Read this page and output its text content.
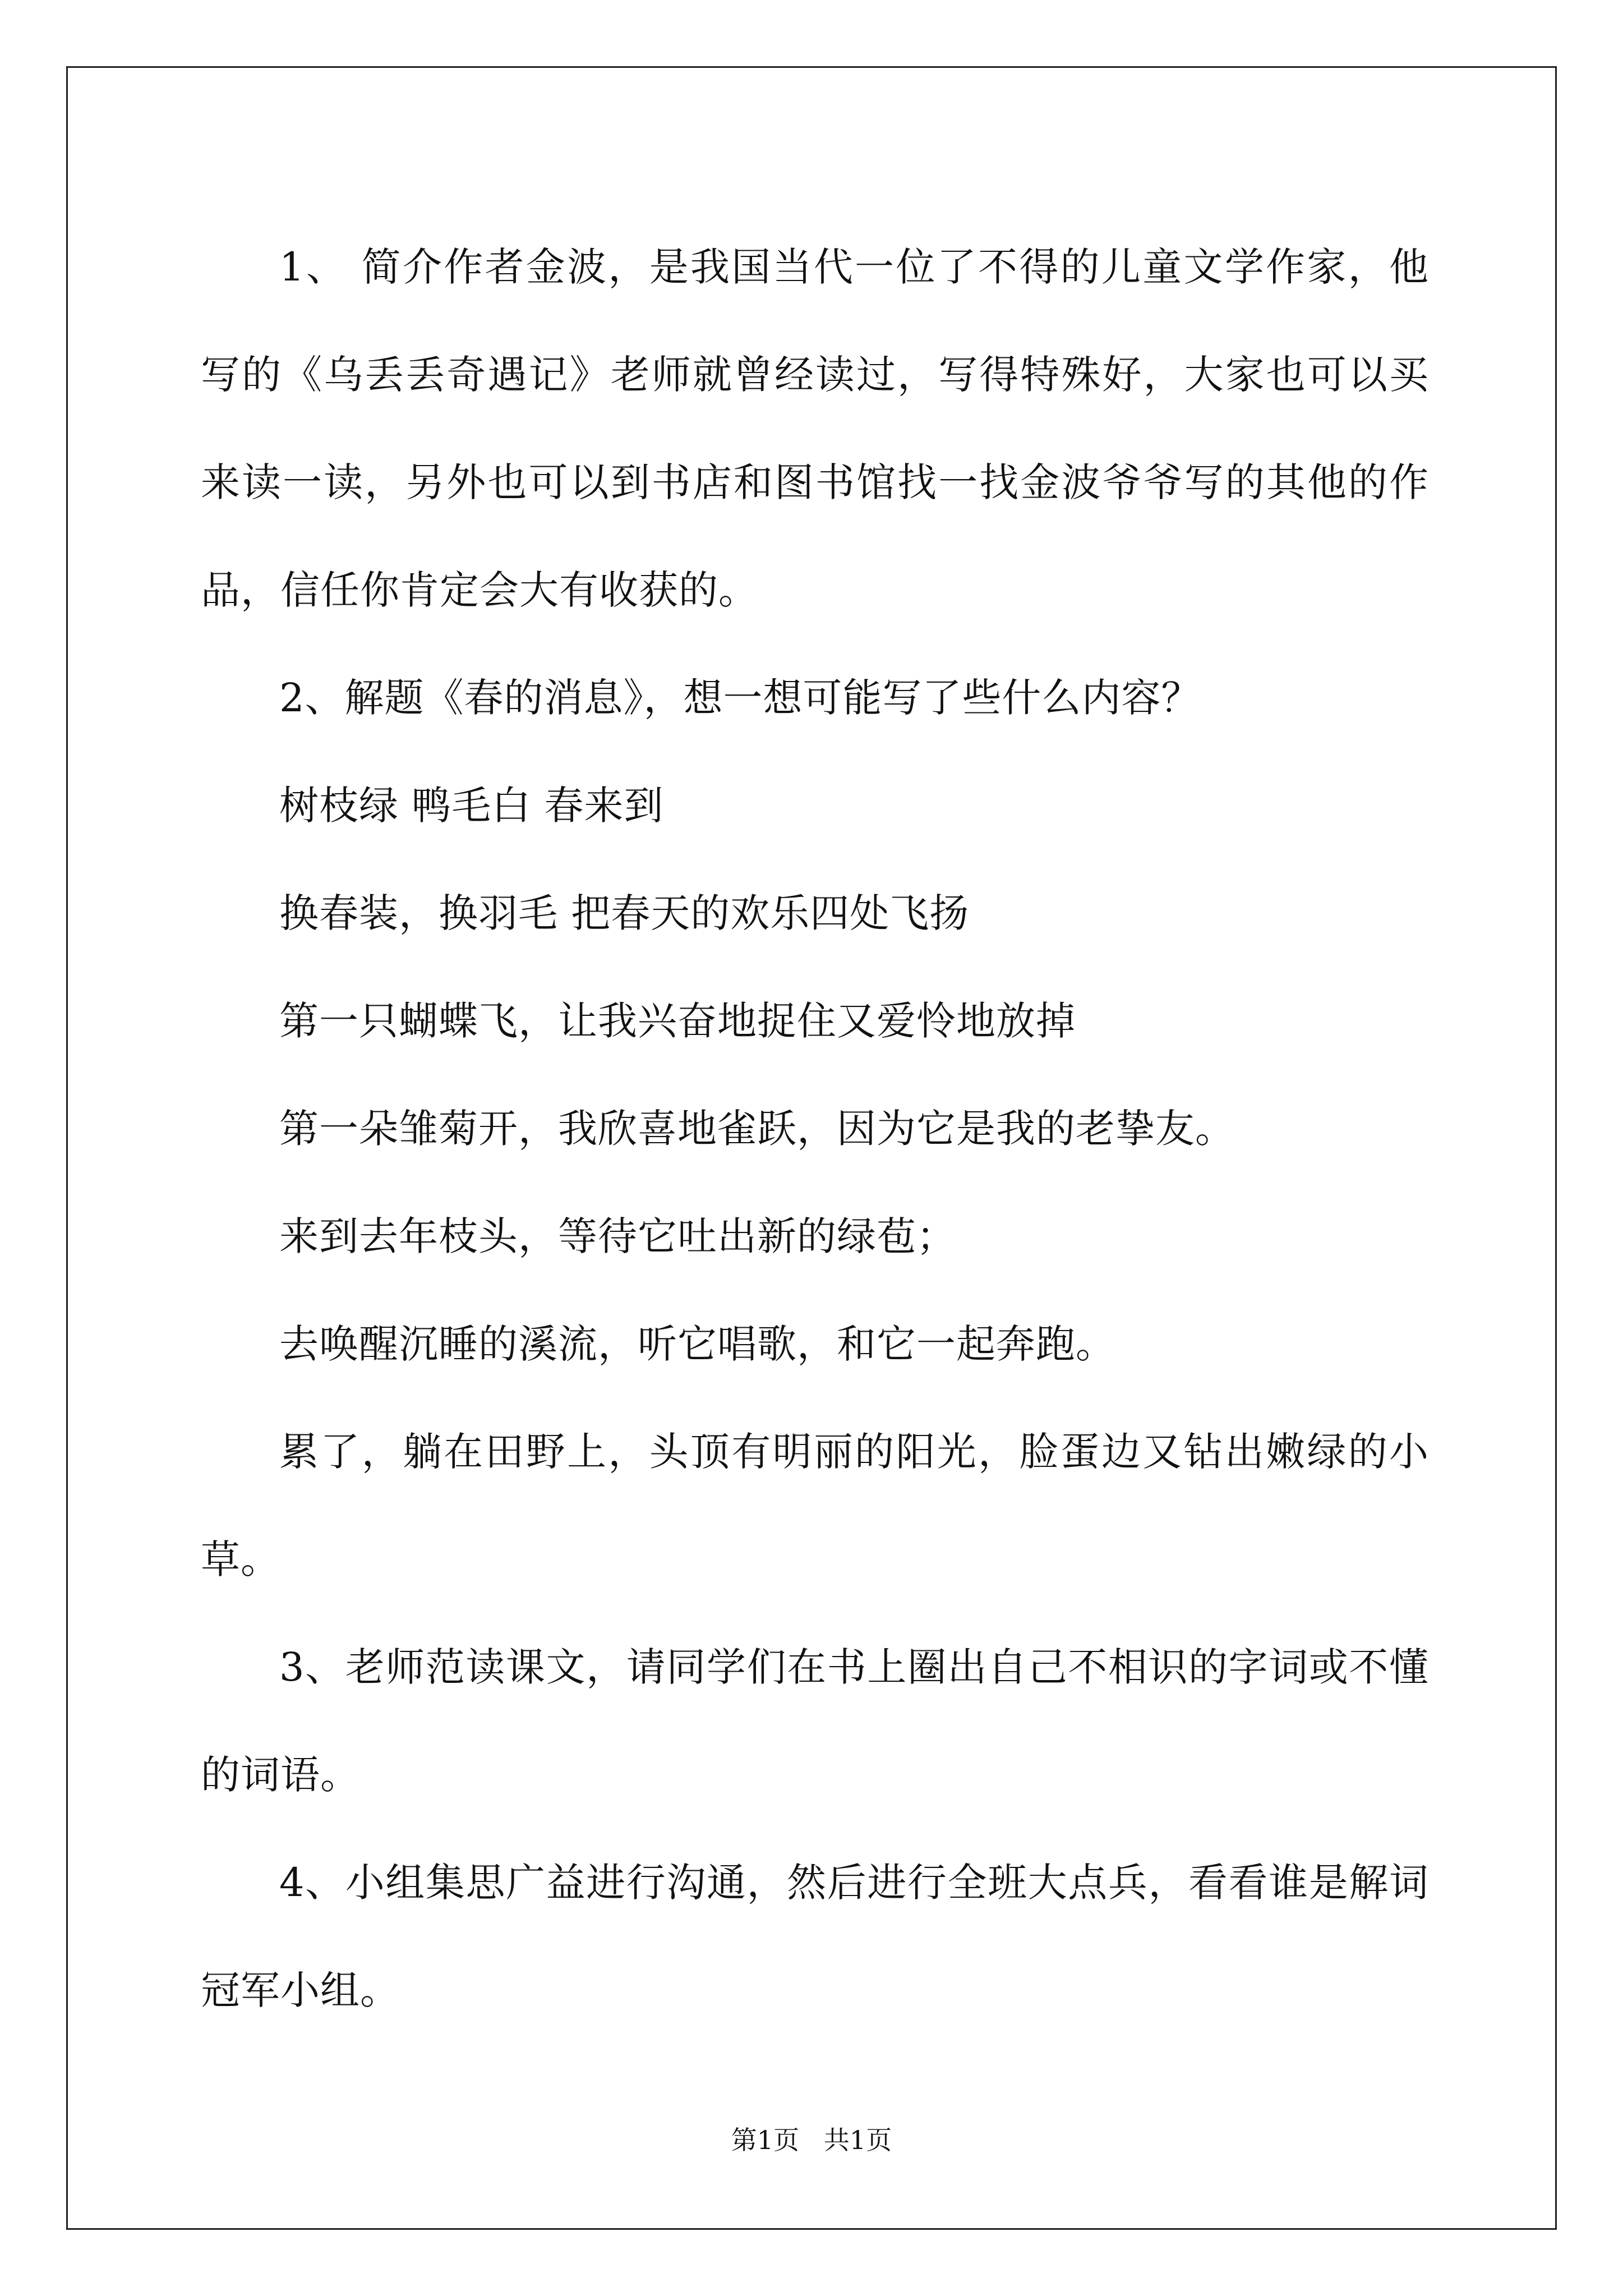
1、 简介作者金波，是我国当代一位了不得的儿童文学作家，他写的《乌丢丢奇遇记》老师就曾经读过，写得特殊好，大家也可以买来读一读，另外也可以到书店和图书馆找一找金波爷爷写的其他的作品，信任你肯定会大有收获的。

2、解题《春的消息》，想一想可能写了些什么内容？

树枝绿 鸭毛白 春来到

换春装，换羽毛 把春天的欢乐四处飞扬

第一只蝴蝶飞，让我兴奋地捉住又爱怜地放掉

第一朵雏菊开，我欣喜地雀跃，因为它是我的老挚友。

来到去年枝头，等待它吐出新的绿苞；

去唤醒沉睡的溪流，听它唱歌，和它一起奔跑。

累了，躺在田野上，头顶有明丽的阳光，脸蛋边又钻出嫩绿的小草。

3、老师范读课文，请同学们在书上圈出自己不相识的字词或不懂的词语。

4、小组集思广益进行沟通，然后进行全班大点兵，看看谁是解词冠军小组。

第1页   共1页
